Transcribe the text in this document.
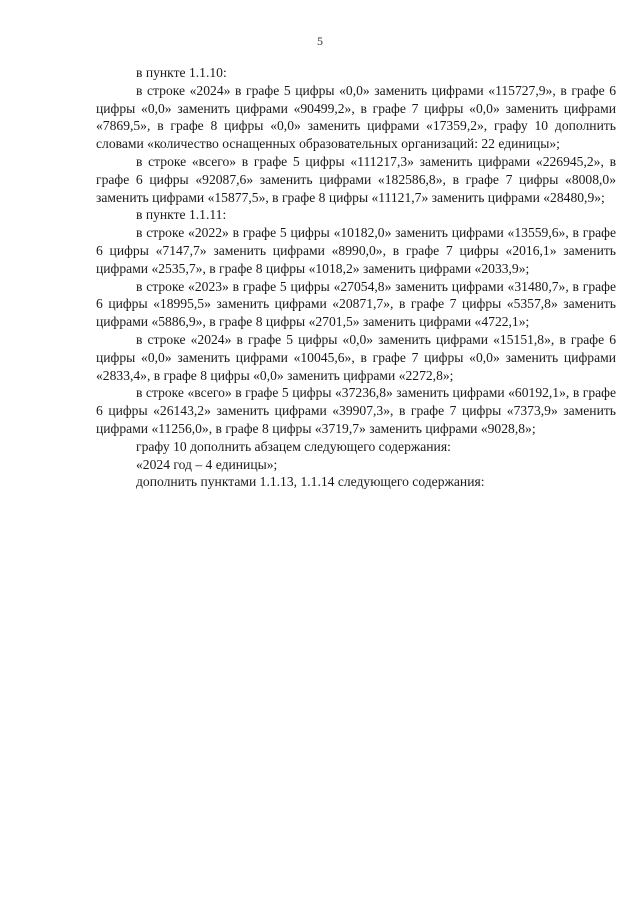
5

в пункте 1.1.10:

в строке «2024» в графе 5 цифры «0,0» заменить цифрами «115727,9», в графе 6 цифры «0,0» заменить цифрами «90499,2», в графе 7 цифры «0,0» заменить цифрами «7869,5», в графе 8 цифры «0,0» заменить цифрами «17359,2», графу 10 дополнить словами «количество оснащенных образовательных организаций: 22 единицы»;

в строке «всего» в графе 5 цифры «111217,3» заменить цифрами «226945,2», в графе 6 цифры «92087,6» заменить цифрами «182586,8», в графе 7 цифры «8008,0» заменить цифрами «15877,5», в графе 8 цифры «11121,7» заменить цифрами «28480,9»;

в пункте 1.1.11:

в строке «2022» в графе 5 цифры «10182,0» заменить цифрами «13559,6», в графе 6 цифры «7147,7» заменить цифрами «8990,0», в графе 7 цифры «2016,1» заменить цифрами «2535,7», в графе 8 цифры «1018,2» заменить цифрами «2033,9»;

в строке «2023» в графе 5 цифры «27054,8» заменить цифрами «31480,7», в графе 6 цифры «18995,5» заменить цифрами «20871,7», в графе 7 цифры «5357,8» заменить цифрами «5886,9», в графе 8 цифры «2701,5» заменить цифрами «4722,1»;

в строке «2024» в графе 5 цифры «0,0» заменить цифрами «15151,8», в графе 6 цифры «0,0» заменить цифрами «10045,6», в графе 7 цифры «0,0» заменить цифрами «2833,4», в графе 8 цифры «0,0» заменить цифрами «2272,8»;

в строке «всего» в графе 5 цифры «37236,8» заменить цифрами «60192,1», в графе 6 цифры «26143,2» заменить цифрами «39907,3», в графе 7 цифры «7373,9» заменить цифрами «11256,0», в графе 8 цифры «3719,7» заменить цифрами «9028,8»;

графу 10 дополнить абзацем следующего содержания:

«2024 год – 4 единицы»;

дополнить пунктами 1.1.13, 1.1.14 следующего содержания:
